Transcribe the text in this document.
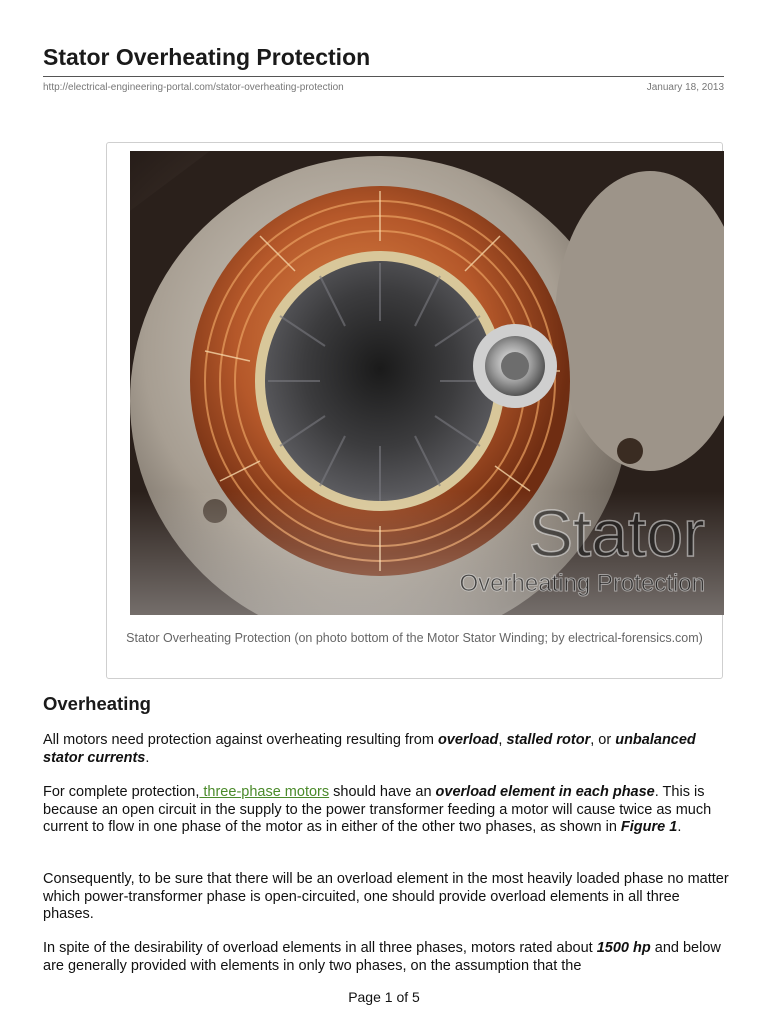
Stator Overheating Protection
http://electrical-engineering-portal.com/stator-overheating-protection	January 18, 2013
Stator
Overheating Protection
Stator Overheating Protection (on photo bottom of the Motor Stator Winding; by electrical-forensics.com)
Overheating

All motors need protection against overheating resulting from overload, stalled rotor, or unbalanced stator currents.

For complete protection, three-phase motors should have an overload element in each phase. This is because an open circuit in the supply to the power transformer feeding a motor will cause twice as much current to flow in one phase of the motor as in either of the other two phases, as shown in Figure 1.

Consequently, to be sure that there will be an overload element in the most heavily loaded phase no matter which power-transformer phase is open-circuited, one should provide overload elements in all three phases.

In spite of the desirability of overload elements in all three phases, motors rated about 1500 hp and below are generally provided with elements in only two phases, on the assumption that the

Page 1 of 5
